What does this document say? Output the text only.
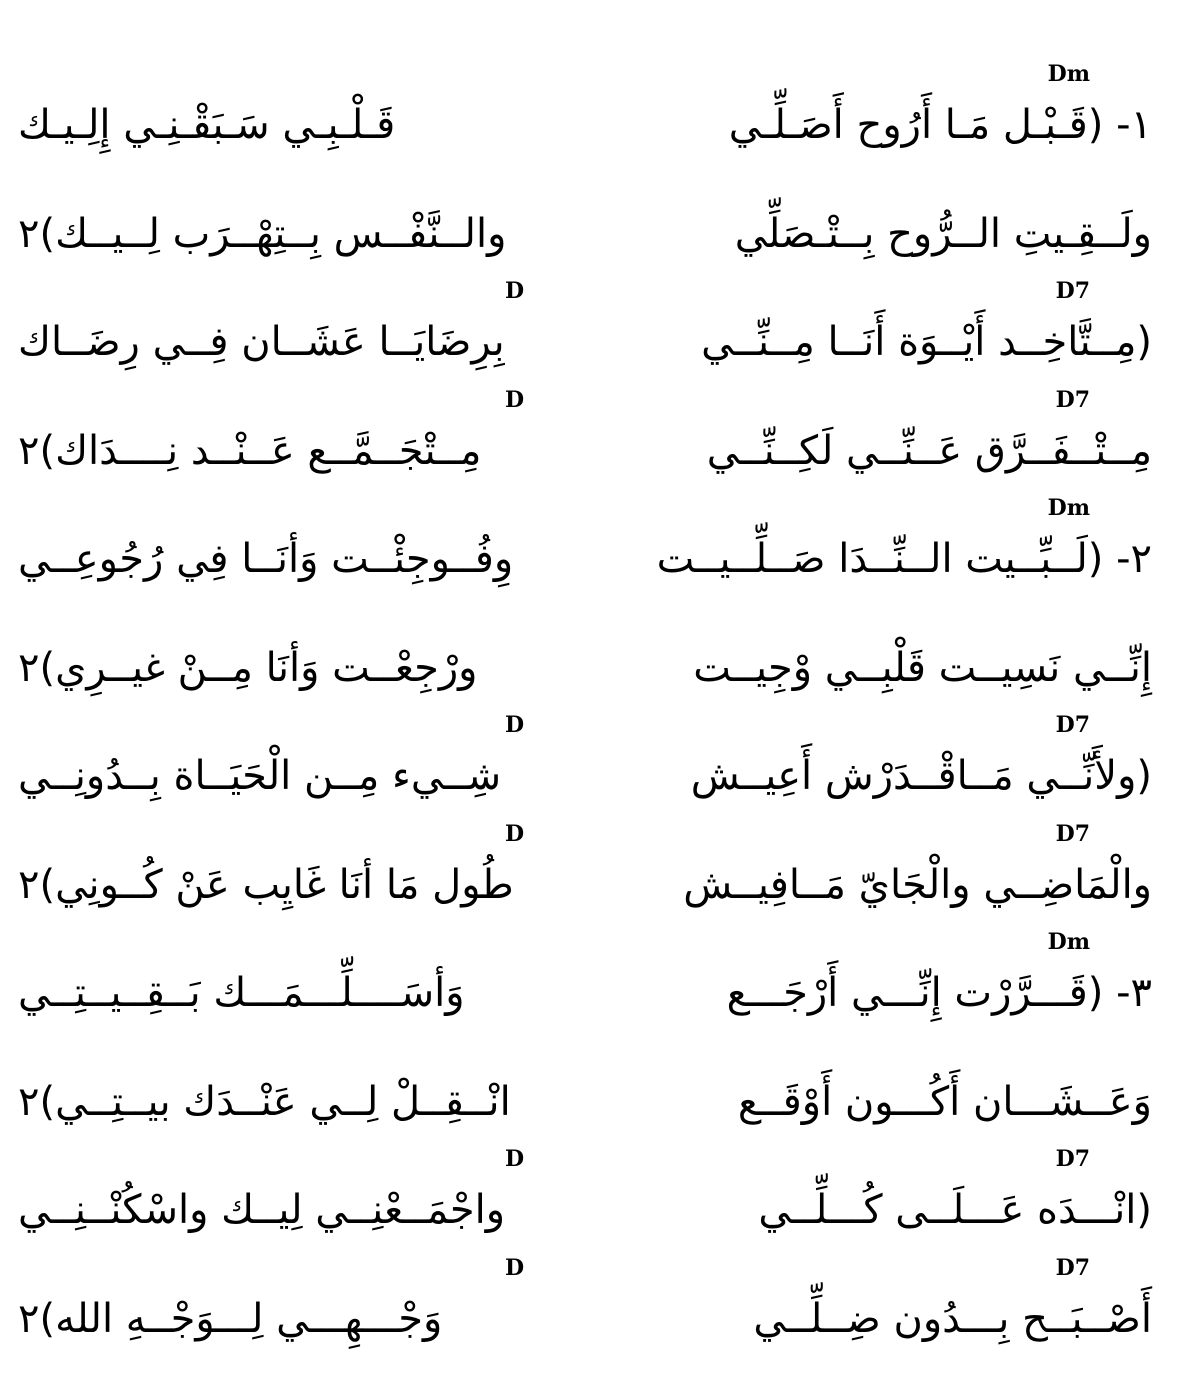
١- (قَـبْـل مَـا أَرُوح أَصَـلِّـي
قَـلْـبِـي سَـبَقْـنِـي إِلِـيـك
Dm
ولَــقِـيتِ الــرُّوح بِــتْـصَلِّي
والــنَّفْــس بِــتِهْــرَب لِــيــك)٢
(مِــتَّاخِــد أَيْــوَة أَنَــا مِــنِّــي
بِرِضَايَــا عَشَــان فِــي رِضَــاك
D7
D
مِــتْــفَــرَّق عَــنِّــي لَكِــنِّــي
مِــتْجَــمَّــع عَــنْــد نِــــدَاك)٢
D7
D
٢- (لَــبِّــيت الــنِّــدَا صَــلِّــيــت
وِفُــوجِئْــت وَأنَــا فِي رُجُوعِــي
Dm
إِنِّــي نَسِيــت قَلْبِــي وْجِيــت
ورْجِعْــت وَأنَا مِــنْ غيــرِي)٢
(ولأَنِّــي مَــاقْــدَرْش أَعِيــش
شِــيء مِــن الْحَيَــاة بِــدُونِــي
D7
D
والْمَاضِــي والْجَايّ مَــافِيــش
طُول مَا أنَا غَايِب عَنْ كُــونِي)٢
D7
D
٣- (قَـــرَّرْت إِنِّـــي أَرْجَـــع
وَأسَــــلِّـــمَـــك بَــقِــيــتِــي
Dm
وَعَــشَـــان أَكُـــون أَوْقَــع
انْــقِــلْ لِــي عَنْــدَك بيــتِــي)٢
(انْـــدَه عَـــلَــى كُـــلِّــي
واجْمَــعْنِــي لِيــك واسْكُنْــنِــي
D7
D
أَصْــبَــح بِـــدُون ضِــلِّــي
وَجْـــهِـــي لِـــوَجْــهِ الله)٢
D7
D
